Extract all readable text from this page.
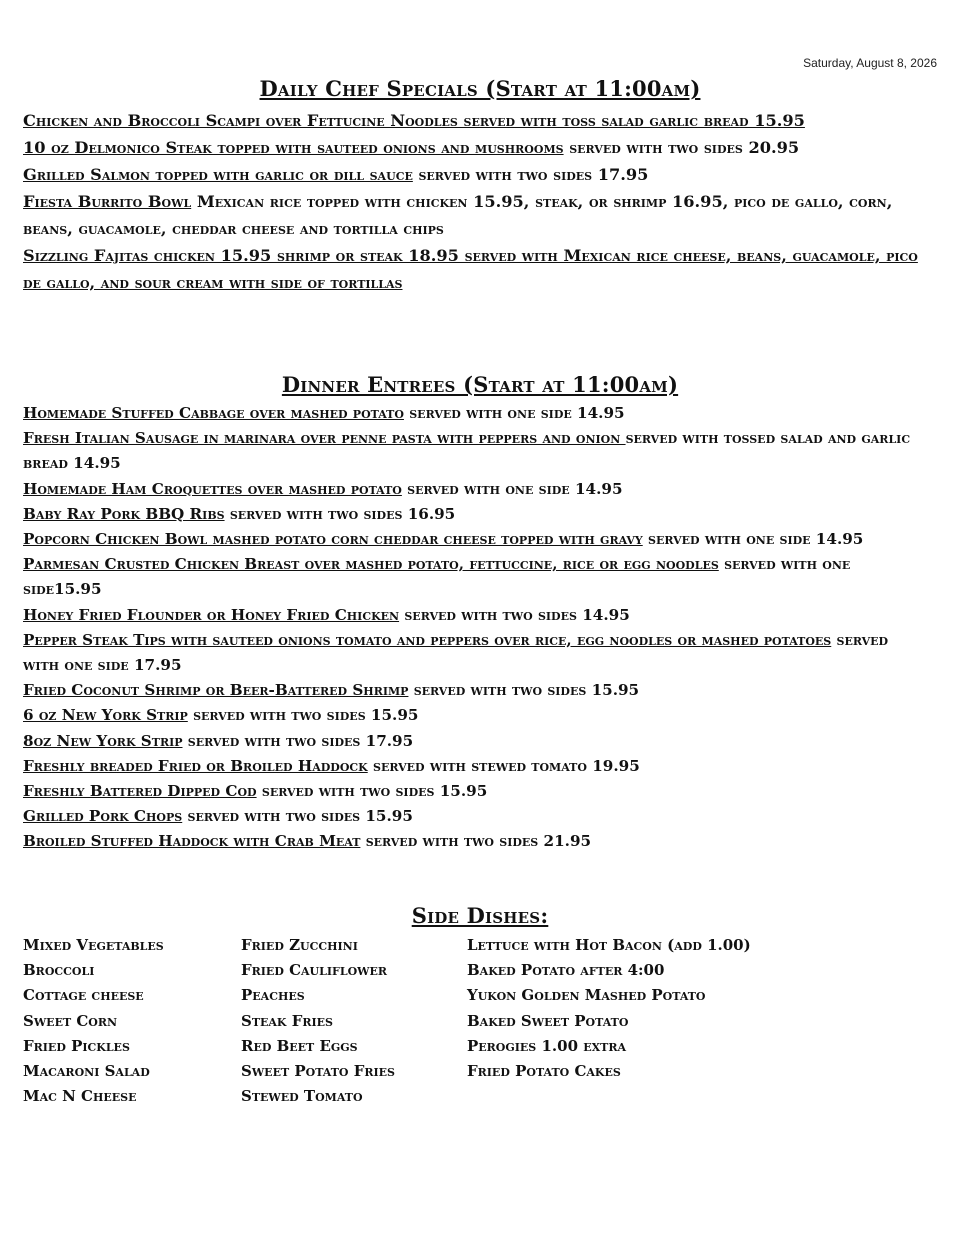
Saturday, August 8, 2026
Daily Chef Specials (Start at 11:00am)
Chicken and Broccoli Scampi over Fettucine Noodles served with toss salad garlic bread 15.95
10 oz Delmonico Steak topped with sauteed onions and mushrooms served with two sides 20.95
Grilled Salmon topped with garlic or dill sauce served with two sides 17.95
Fiesta Burrito Bowl Mexican rice topped with chicken 15.95, steak, or shrimp 16.95, pico de gallo, corn, beans, guacamole, cheddar cheese and tortilla chips
Sizzling Fajitas chicken 15.95 shrimp or steak 18.95 served with Mexican rice cheese, beans, guacamole, pico de gallo, and sour cream with side of tortillas
Dinner Entrees (Start at 11:00am)
Homemade Stuffed Cabbage over mashed potato served with one side 14.95
Fresh Italian Sausage in marinara over penne pasta with peppers and onion served with tossed salad and garlic bread 14.95
Homemade Ham Croquettes over mashed potato served with one side 14.95
Baby Ray Pork BBQ Ribs served with two sides 16.95
Popcorn Chicken Bowl mashed potato corn cheddar cheese topped with gravy served with one side 14.95
Parmesan Crusted Chicken Breast over mashed potato, fettuccine, rice or egg noodles served with one side15.95
Honey Fried Flounder or Honey Fried Chicken served with two sides 14.95
Pepper Steak Tips with sauteed onions tomato and peppers over rice, egg noodles or mashed potatoes served with one side 17.95
Fried Coconut Shrimp or Beer-Battered Shrimp served with two sides 15.95
6 oz New York Strip served with two sides 15.95
8oz New York Strip served with two sides 17.95
Freshly breaded Fried or Broiled Haddock served with stewed tomato 19.95
Freshly Battered Dipped Cod served with two sides 15.95
Grilled Pork Chops served with two sides 15.95
Broiled Stuffed Haddock with Crab Meat served with two sides 21.95
Side Dishes:
Mixed Vegetables
Broccoli
Cottage cheese
Sweet Corn
Fried Pickles
Macaroni Salad
Mac N Cheese
Fried Zucchini
Fried Cauliflower
Peaches
Steak Fries
Red Beet Eggs
Sweet Potato Fries
Stewed Tomato
Lettuce with Hot Bacon (add 1.00)
Baked Potato after 4:00
Yukon Golden Mashed Potato
Baked Sweet Potato
Perogies 1.00 extra
Fried Potato Cakes
